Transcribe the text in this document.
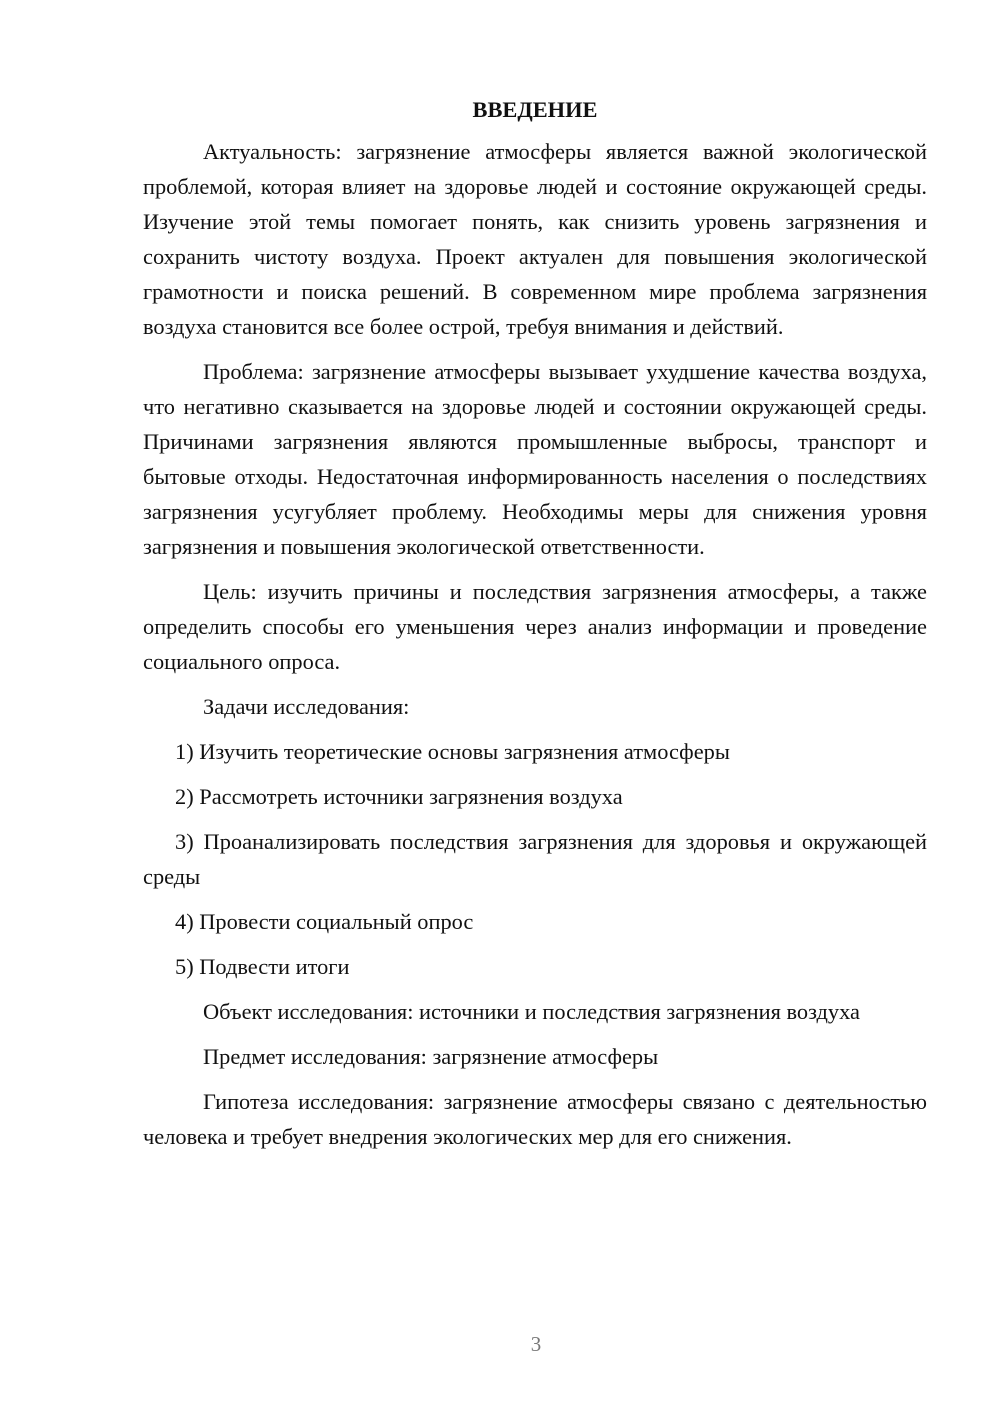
ВВЕДЕНИЕ
Актуальность: загрязнение атмосферы является важной экологической проблемой, которая влияет на здоровье людей и состояние окружающей среды. Изучение этой темы помогает понять, как снизить уровень загрязнения и сохранить чистоту воздуха. Проект актуален для повышения экологической грамотности и поиска решений. В современном мире проблема загрязнения воздуха становится все более острой, требуя внимания и действий.
Проблема: загрязнение атмосферы вызывает ухудшение качества воздуха, что негативно сказывается на здоровье людей и состоянии окружающей среды. Причинами загрязнения являются промышленные выбросы, транспорт и бытовые отходы. Недостаточная информированность населения о последствиях загрязнения усугубляет проблему. Необходимы меры для снижения уровня загрязнения и повышения экологической ответственности.
Цель: изучить причины и последствия загрязнения атмосферы, а также определить способы его уменьшения через анализ информации и проведение социального опроса.
Задачи исследования:
1) Изучить теоретические основы загрязнения атмосферы
2) Рассмотреть источники загрязнения воздуха
3) Проанализировать последствия загрязнения для здоровья и окружающей среды
4) Провести социальный опрос
5) Подвести итоги
Объект исследования: источники и последствия загрязнения воздуха
Предмет исследования: загрязнение атмосферы
Гипотеза исследования: загрязнение атмосферы связано с деятельностью человека и требует внедрения экологических мер для его снижения.
3
